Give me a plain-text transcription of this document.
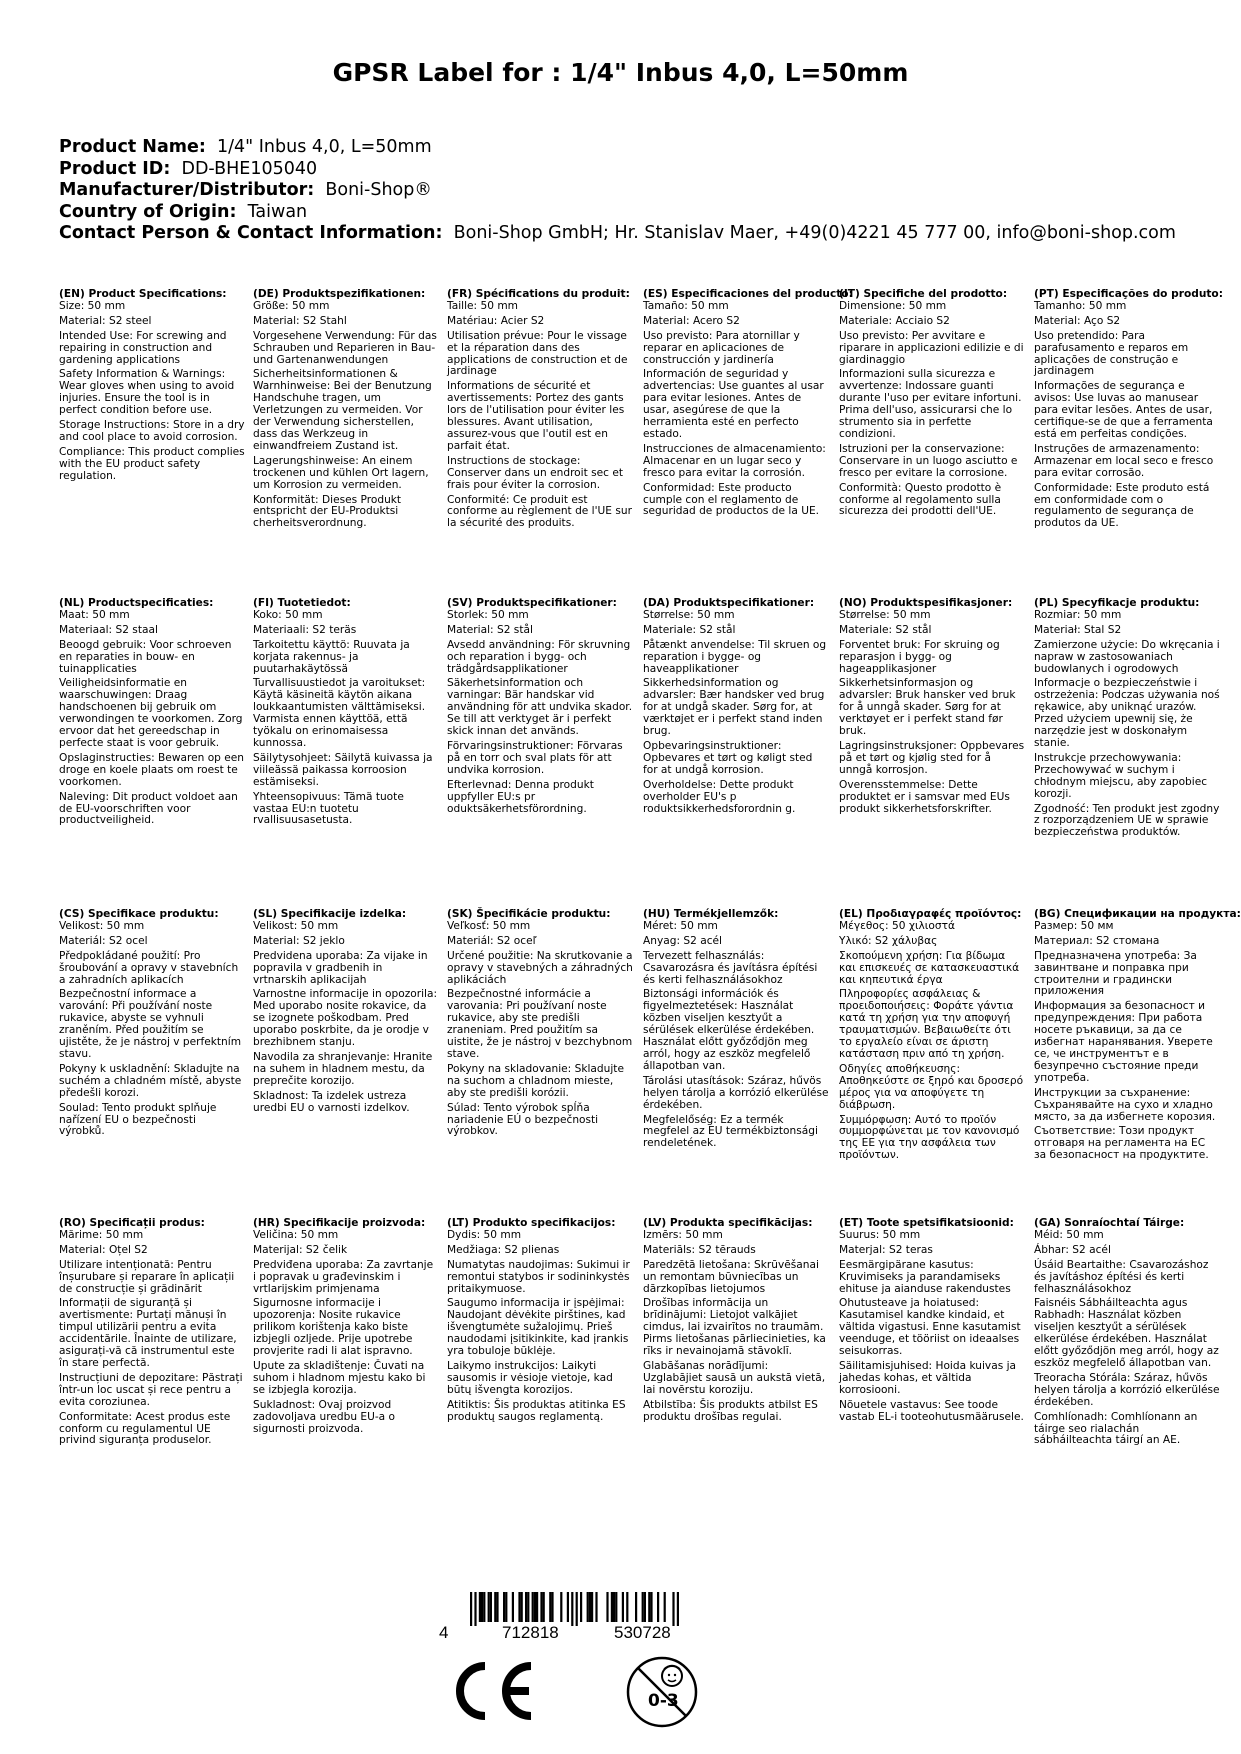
GPSR Label for : 1/4" Inbus 4,0, L=50mm
Product Name: 1/4" Inbus 4,0, L=50mm
Product ID: DD-BHE105040
Manufacturer/Distributor: Boni-Shop®
Country of Origin: Taiwan
Contact Person & Contact Information: Boni-Shop GmbH; Hr. Stanislav Maer, +49(0)4221 45 777 00, info@boni-shop.com
(EN) Product Specifications:

Size: 50 mm

Material: S2 steel

Intended Use: For screwing and repairing in construction and gardening applications

Safety Information & Warnings: Wear gloves when using to avoid injuries. Ensure the tool is in perfect condition before use.

Storage Instructions: Store in a dry and cool place to avoid corrosion.

Compliance: This product complies with the EU product safety regulation.

(DE) Produktspezifikationen:

Größe: 50 mm

Material: S2 Stahl

Vorgesehene Verwendung: Für das Schrauben und Reparieren in Bau- und Gartenanwendungen

Sicherheitsinformationen & Warnhinweise: Bei der Benutzung Handschuhe tragen, um Verletzungen zu vermeiden. Vor der Verwendung sicherstellen, dass das Werkzeug in einwandfreiem Zustand ist.

Lagerungshinweise: An einem trockenen und kühlen Ort lagern, um Korrosion zu vermeiden.

Konformität: Dieses Produkt entspricht der EU-Produktsi cherheitsverordnung.

(FR) Spécifications du produit:

Taille: 50 mm

Matériau: Acier S2

Utilisation prévue: Pour le vissage et la réparation dans des applications de construction et de jardinage

Informations de sécurité et avertissements: Portez des gants lors de l'utilisation pour éviter les blessures. Avant utilisation, assurez-vous que l'outil est en parfait état.

Instructions de stockage: Conserver dans un endroit sec et frais pour éviter la corrosion.

Conformité: Ce produit est conforme au règlement de l'UE sur la sécurité des produits.

(ES) Especificaciones del producto:

Tamaño: 50 mm

Material: Acero S2

Uso previsto: Para atornillar y reparar en aplicaciones de construcción y jardinería

Información de seguridad y advertencias: Use guantes al usar para evitar lesiones. Antes de usar, asegúrese de que la herramienta esté en perfecto estado.

Instrucciones de almacenamiento: Almacenar en un lugar seco y fresco para evitar la corrosión.

Conformidad: Este producto cumple con el reglamento de seguridad de productos de la UE.

(IT) Specifiche del prodotto:

Dimensione: 50 mm

Materiale: Acciaio S2

Uso previsto: Per avvitare e riparare in applicazioni edilizie e di giardinaggio

Informazioni sulla sicurezza e avvertenze: Indossare guanti durante l'uso per evitare infortuni. Prima dell'uso, assicurarsi che lo strumento sia in perfette condizioni.

Istruzioni per la conservazione: Conservare in un luogo asciutto e fresco per evitare la corrosione.

Conformità: Questo prodotto è conforme al regolamento sulla sicurezza dei prodotti dell'UE.

(PT) Especificações do produto:

Tamanho: 50 mm

Material: Aço S2

Uso pretendido: Para parafusamento e reparos em aplicações de construção e jardinagem

Informações de segurança e avisos: Use luvas ao manusear para evitar lesões. Antes de usar, certifique-se de que a ferramenta está em perfeitas condições.

Instruções de armazenamento: Armazenar em local seco e fresco para evitar corrosão.

Conformidade: Este produto está em conformidade com o regulamento de segurança de produtos da UE.

(NL) Productspecificaties:

Maat: 50 mm

Materiaal: S2 staal

Beoogd gebruik: Voor schroeven en reparaties in bouw- en tuinapplicaties

Veiligheidsinformatie en waarschuwingen: Draag handschoenen bij gebruik om verwondingen te voorkomen. Zorg ervoor dat het gereedschap in perfecte staat is voor gebruik.

Opslaginstructies: Bewaren op een droge en koele plaats om roest te voorkomen.

Naleving: Dit product voldoet aan de EU-voorschriften voor productveiligheid.

(FI) Tuotetiedot:

Koko: 50 mm

Materiaali: S2 teräs

Tarkoitettu käyttö: Ruuvata ja korjata rakennus- ja puutarhakäytössä

Turvallisuustiedot ja varoitukset: Käytä käsineitä käytön aikana loukkaantumisten välttämiseksi. Varmista ennen käyttöä, että työkalu on erinomaisessa kunnossa.

Säilytysohjeet: Säilytä kuivassa ja viileässä paikassa korroosion estämiseksi.

Yhteensopivuus: Tämä tuote vastaa EU:n tuotetu rvallisuusasetusta.

(SV) Produktspecifikationer:

Storlek: 50 mm

Material: S2 stål

Avsedd användning: För skruvning och reparation i bygg- och trädgårdsapplikationer

Säkerhetsinformation och varningar: Bär handskar vid användning för att undvika skador. Se till att verktyget är i perfekt skick innan det används.

Förvaringsinstruktioner: Förvaras på en torr och sval plats för att undvika korrosion.

Efterlevnad: Denna produkt uppfyller EU:s pr oduktsäkerhetsförordning.

(DA) Produktspecifikationer:

Størrelse: 50 mm

Materiale: S2 stål

Påtænkt anvendelse: Til skruen og reparation i bygge- og haveapplikationer

Sikkerhedsinformation og advarsler: Bær handsker ved brug for at undgå skader. Sørg for, at værktøjet er i perfekt stand inden brug.

Opbevaringsinstruktioner: Opbevares et tørt og køligt sted for at undgå korrosion.

Overholdelse: Dette produkt overholder EU's p roduktsikkerhedsforordnin g.

(NO) Produktspesifikasjoner:

Størrelse: 50 mm

Materiale: S2 stål

Forventet bruk: For skruing og reparasjon i bygg- og hageapplikasjoner

Sikkerhetsinformasjon og advarsler: Bruk hansker ved bruk for å unngå skader. Sørg for at verktøyet er i perfekt stand før bruk.

Lagringsinstruksjoner: Oppbevares på et tørt og kjølig sted for å unngå korrosjon.

Overensstemmelse: Dette produktet er i samsvar med EUs produkt sikkerhetsforskrifter.

(PL) Specyfikacje produktu:

Rozmiar: 50 mm

Materiał: Stal S2

Zamierzone użycie: Do wkręcania i napraw w zastosowaniach budowlanych i ogrodowych

Informacje o bezpieczeństwie i ostrzeżenia: Podczas używania noś rękawice, aby uniknąć urazów. Przed użyciem upewnij się, że narzędzie jest w doskonałym stanie.

Instrukcje przechowywania: Przechowywać w suchym i chłodnym miejscu, aby zapobiec korozji.

Zgodność: Ten produkt jest zgodny z rozporządzeniem UE w sprawie bezpieczeństwa produktów.

(CS) Specifikace produktu:

Velikost: 50 mm

Materiál: S2 ocel

Předpokládané použití: Pro šroubování a opravy v stavebních a zahradních aplikacích

Bezpečnostní informace a varování: Při používání noste rukavice, abyste se vyhnuli zraněním. Před použitím se ujistěte, že je nástroj v perfektním stavu.

Pokyny k uskladnění: Skladujte na suchém a chladném místě, abyste předešli korozi.

Soulad: Tento produkt splňuje nařízení EU o bezpečnosti výrobků.

(SL) Specifikacije izdelka:

Velikost: 50 mm

Material: S2 jeklo

Predvidena uporaba: Za vijake in popravila v gradbenih in vrtnarskih aplikacijah

Varnostne informacije in opozorila: Med uporabo nosite rokavice, da se izognete poškodbam. Pred uporabo poskrbite, da je orodje v brezhibnem stanju.

Navodila za shranjevanje: Hranite na suhem in hladnem mestu, da preprečite korozijo.

Skladnost: Ta izdelek ustreza uredbi EU o varnosti izdelkov.

(SK) Špecifikácie produktu:

Veľkosť: 50 mm

Materiál: S2 oceľ

Určené použitie: Na skrutkovanie a opravy v stavebných a záhradných aplikáciách

Bezpečnostné informácie a varovania: Pri používaní noste rukavice, aby ste predišli zraneniam. Pred použitím sa uistite, že je nástroj v bezchybnom stave.

Pokyny na skladovanie: Skladujte na suchom a chladnom mieste, aby ste predišli korózii.

Súlad: Tento výrobok spĺňa nariadenie EÚ o bezpečnosti výrobkov.

(HU) Termékjellemzők:

Méret: 50 mm

Anyag: S2 acél

Tervezett felhasználás: Csavarozásra és javításra építési és kerti felhasználásokhoz

Biztonsági információk és figyelmeztetések: Használat közben viseljen kesztyűt a sérülések elkerülése érdekében. Használat előtt győződjön meg arról, hogy az eszköz megfelelő állapotban van.

Tárolási utasítások: Száraz, hűvös helyen tárolja a korrózió elkerülése érdekében.

Megfelelőség: Ez a termék megfelel az EU termékbiztonsági rendeletének.

(EL) Προδιαγραφές προϊόντος:

Μέγεθος: 50 χιλιοστά

Υλικό: S2 χάλυβας

Σκοπούμενη χρήση: Για βίδωμα και επισκευές σε κατασκευαστικά και κηπευτικά έργα

Πληροφορίες ασφάλειας & προειδοποιήσεις: Φοράτε γάντια κατά τη χρήση για την αποφυγή τραυματισμών. Βεβαιωθείτε ότι το εργαλείο είναι σε άριστη κατάσταση πριν από τη χρήση.

Οδηγίες αποθήκευσης: Αποθηκεύστε σε ξηρό και δροσερό μέρος για να αποφύγετε τη διάβρωση.

Συμμόρφωση: Αυτό το προϊόν συμμορφώνεται με τον κανονισμό της ΕΕ για την ασφάλεια των προϊόντων.

(BG) Спецификации на продукта:

Размер: 50 мм

Материал: S2 стомана

Предназначена употреба: За завинтване и поправка при строителни и градински приложения

Информация за безопасност и предупреждения: При работа носете ръкавици, за да се избегнат наранявания. Уверете се, че инструментът е в безупречно състояние преди употреба.

Инструкции за съхранение: Съхранявайте на сухо и хладно място, за да избегнете корозия.

Съответствие: Този продукт отговаря на регламента на ЕС за безопасност на продуктите.

(RO) Specificații produs:

Mărime: 50 mm

Material: Oțel S2

Utilizare intenționată: Pentru înșurubare și reparare în aplicații de construcție și grădinărit

Informații de siguranță și avertismente: Purtați mănuși în timpul utilizării pentru a evita accidentările. Înainte de utilizare, asigurați-vă că instrumentul este în stare perfectă.

Instrucțiuni de depozitare: Păstrați într-un loc uscat și rece pentru a evita coroziunea.

Conformitate: Acest produs este conform cu regulamentul UE privind siguranța produselor.

(HR) Specifikacije proizvoda:

Veličina: 50 mm

Materijal: S2 čelik

Predviđena uporaba: Za zavrtanje i popravak u građevinskim i vrtlarijskim primjenama

Sigurnosne informacije i upozorenja: Nosite rukavice prilikom korištenja kako biste izbjegli ozljede. Prije upotrebe provjerite radi li alat ispravno.

Upute za skladištenje: Čuvati na suhom i hladnom mjestu kako bi se izbjegla korozija.

Sukladnost: Ovaj proizvod zadovoljava uredbu EU-a o sigurnosti proizvoda.

(LT) Produkto specifikacijos:

Dydis: 50 mm

Medžiaga: S2 plienas

Numatytas naudojimas: Sukimui ir remontui statybos ir sodininkystės pritaikymuose.

Saugumo informacija ir įspėjimai: Naudojant dėvėkite pirštines, kad išvengtumėte sužalojimų. Prieš naudodami įsitikinkite, kad įrankis yra tobuloje būklėje.

Laikymo instrukcijos: Laikyti sausomis ir vėsioje vietoje, kad būtų išvengta korozijos.

Atitiktis: Šis produktas atitinka ES produktų saugos reglamentą.

(LV) Produkta specifikācijas:

Izmērs: 50 mm

Materiāls: S2 tērauds

Paredzētā lietošana: Skrūvēšanai un remontam būvniecības un dārzkopības lietojumos

Drošības informācija un brīdinājumi: Lietojot valkājiet cimdus, lai izvairītos no traumām. Pirms lietošanas pārliecinieties, ka rīks ir nevainojamā stāvoklī.

Glabāšanas norādījumi: Uzglabājiet sausā un aukstā vietā, lai novērstu koroziju.

Atbilstība: Šis produkts atbilst ES produktu drošības regulai.

(ET) Toote spetsifikatsioonid:

Suurus: 50 mm

Materjal: S2 teras

Eesmärgipärane kasutus: Kruvimiseks ja parandamiseks ehituse ja aianduse rakendustes

Ohutusteave ja hoiatused: Kasutamisel kandke kindaid, et vältida vigastusi. Enne kasutamist veenduge, et tööriist on ideaalses seisukorras.

Säilitamisjuhised: Hoida kuivas ja jahedas kohas, et vältida korrosiooni.

Nõuetele vastavus: See toode vastab EL-i tooteohutusmäärusele.

(GA) Sonraíochtaí Táirge:

Méid: 50 mm

Ábhar: S2 acél

Úsáid Beartaithe: Csavarozáshoz és javításhoz építési és kerti felhasználásokhoz

Faisnéis Sábháilteachta agus Rabhadh: Használat közben viseljen kesztyűt a sérülések elkerülése érdekében. Használat előtt győződjön meg arról, hogy az eszköz megfelelő állapotban van.

Treoracha Stórála: Száraz, hűvös helyen tárolja a korrózió elkerülése érdekében.

Comhlíonadh: Comhlíonann an táirge seo rialachán sábháilteachta táirgí an AE.

4	712818	530728
0-3
